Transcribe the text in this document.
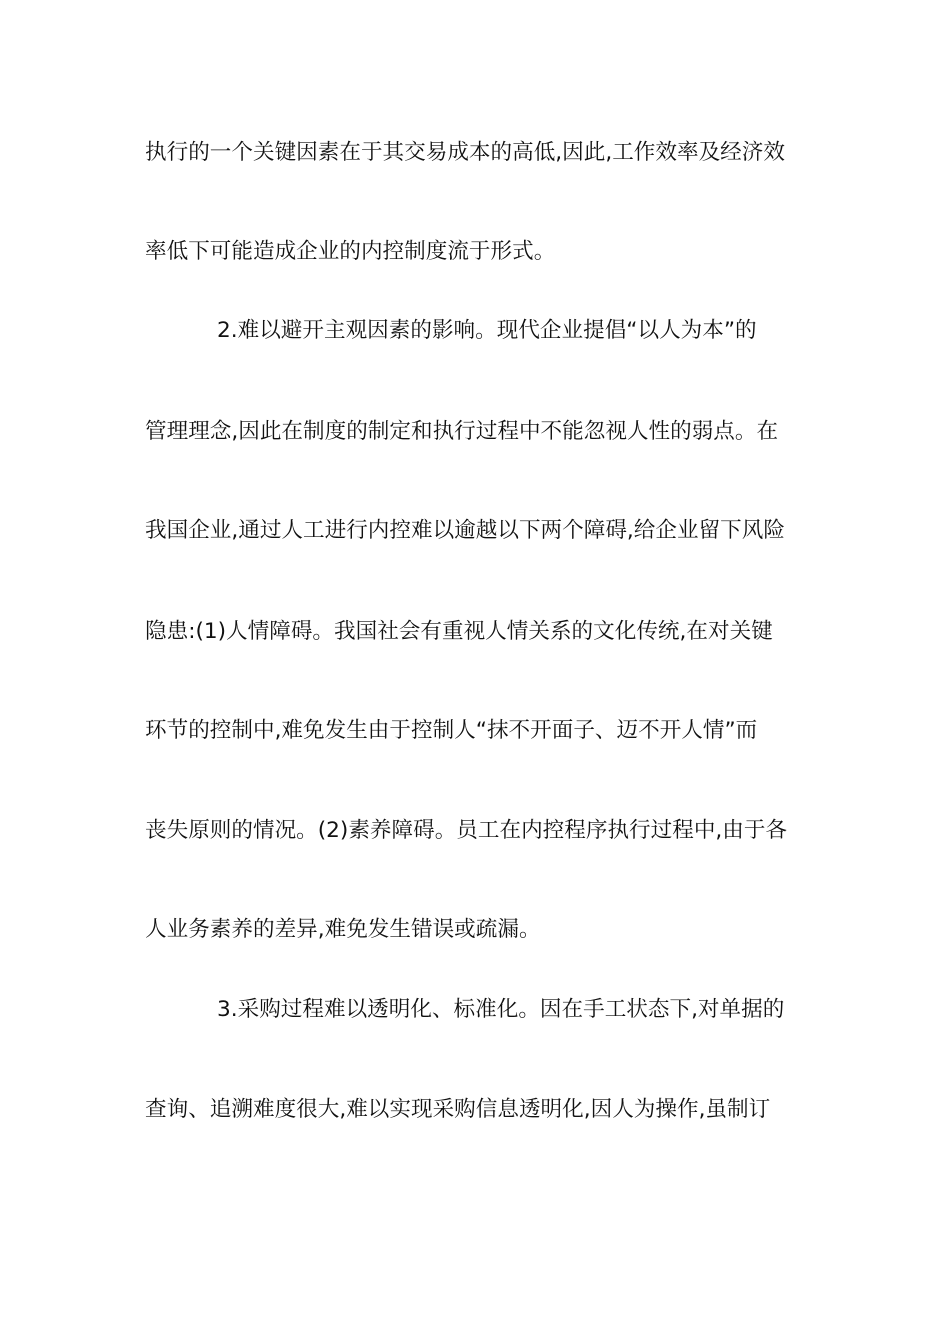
执行的一个关键因素在于其交易成本的高低,因此,工作效率及经济效
率低下可能造成企业的内控制度流于形式。
2.难以避开主观因素的影响。现代企业提倡“以人为本”的
管理理念,因此在制度的制定和执行过程中不能忽视人性的弱点。在
我国企业,通过人工进行内控难以逾越以下两个障碍,给企业留下风险
隐患:(1)人情障碍。我国社会有重视人情关系的文化传统,在对关键
环节的控制中,难免发生由于控制人“抹不开面子、迈不开人情”而
丧失原则的情况。(2)素养障碍。员工在内控程序执行过程中,由于各
人业务素养的差异,难免发生错误或疏漏。
3.采购过程难以透明化、标准化。因在手工状态下,对单据的
查询、追溯难度很大,难以实现采购信息透明化,因人为操作,虽制订
